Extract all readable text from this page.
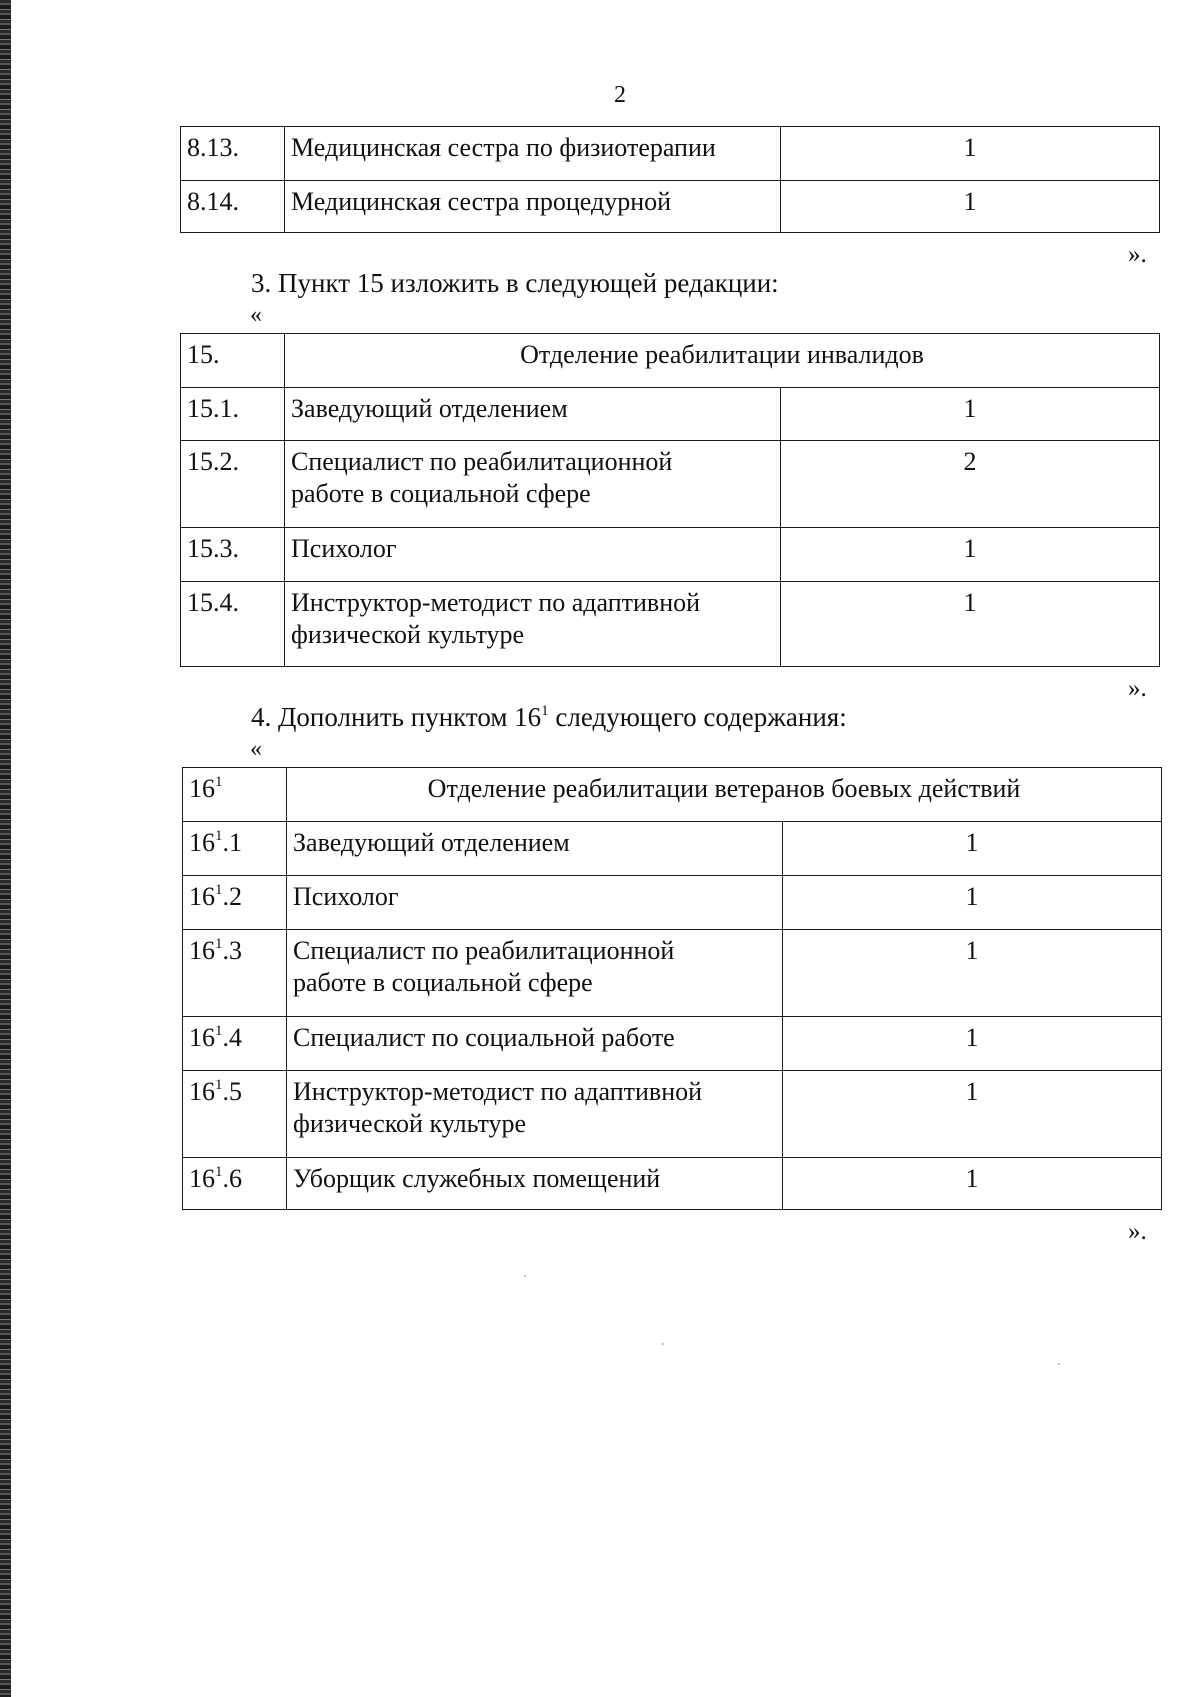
2
8.13.	Медицинская сестра по физиотерапии	1
8.14.	Медицинская сестра процедурной	1
».
3. Пункт 15 изложить в следующей редакции:
«
15.	Отделение реабилитации инвалидов	
15.1.	Заведующий отделением	1
15.2.	Специалист по реабилитационной
работе в социальной сфере	2
15.3.	Психолог	1
15.4.	Инструктор-методист по адаптивной
физической культуре	1
».
4. Дополнить пунктом $16^1$ следующего содержания:
«
$16^1$	Отделение реабилитации ветеранов боевых действий	
$16^1.1$	Заведующий отделением	1
$16^1.2$	Психолог	1
$16^1.3$	Специалист по реабилитационной
работе в социальной сфере	1
$16^1.4$	Специалист по социальной работе	1
$16^1.5$	Инструктор-методист по адаптивной
физической культуре	1
$16^1.6$	Уборщик служебных помещений	1
».
